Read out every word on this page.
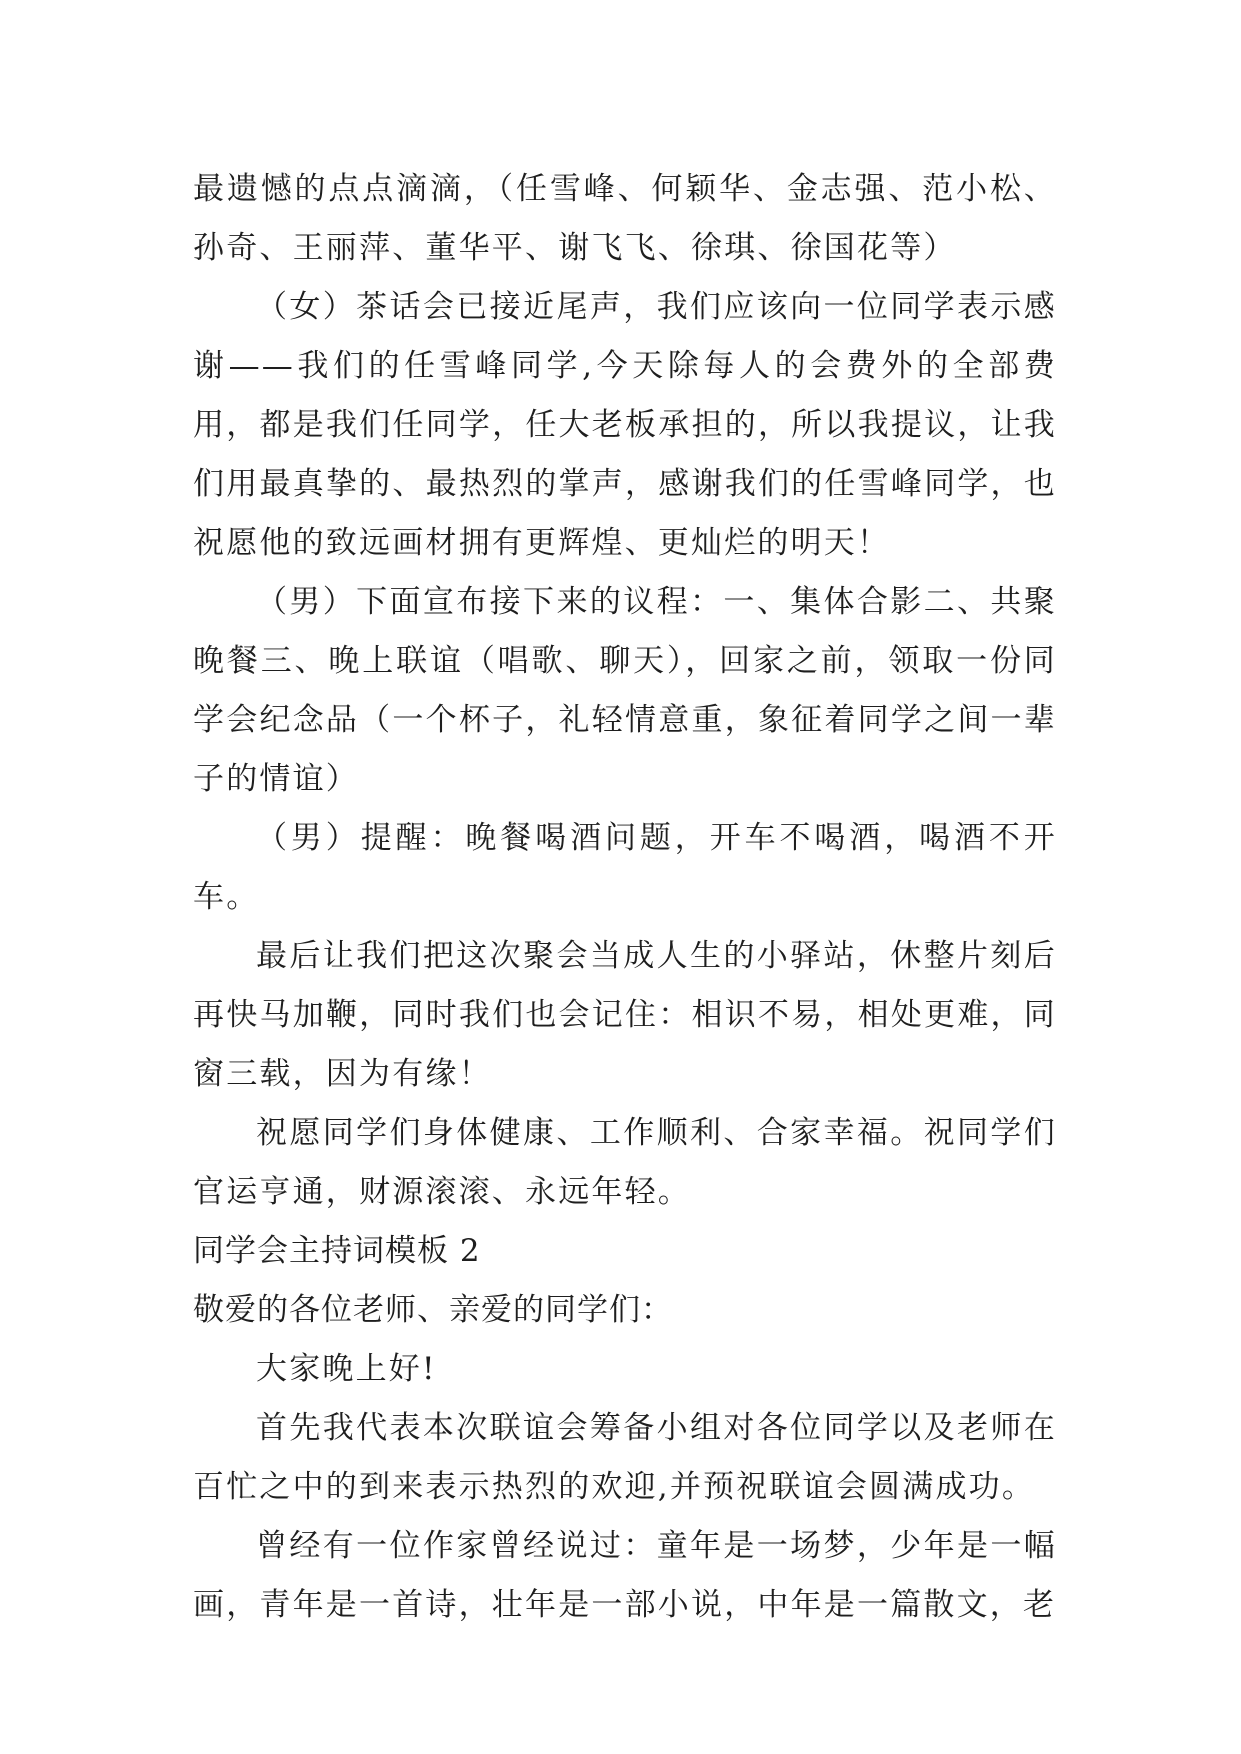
最遗憾的点点滴滴，（任雪峰、何颖华、金志强、范小松、孙奇、王丽萍、董华平、谢飞飞、徐琪、徐国花等）

（女）茶话会已接近尾声，我们应该向一位同学表示感谢——我们的任雪峰同学,今天除每人的会费外的全部费用，都是我们任同学，任大老板承担的，所以我提议，让我们用最真挚的、最热烈的掌声，感谢我们的任雪峰同学，也祝愿他的致远画材拥有更辉煌、更灿烂的明天！

（男）下面宣布接下来的议程：一、集体合影二、共聚晚餐三、晚上联谊（唱歌、聊天），回家之前，领取一份同学会纪念品（一个杯子，礼轻情意重，象征着同学之间一辈子的情谊）

（男）提醒：晚餐喝酒问题，开车不喝酒，喝酒不开车。

最后让我们把这次聚会当成人生的小驿站，休整片刻后再快马加鞭，同时我们也会记住：相识不易，相处更难，同窗三载，因为有缘！

祝愿同学们身体健康、工作顺利、合家幸福。祝同学们官运亨通，财源滚滚、永远年轻。

同学会主持词模板 2

敬爱的各位老师、亲爱的同学们：

大家晚上好!

首先我代表本次联谊会筹备小组对各位同学以及老师在百忙之中的到来表示热烈的欢迎,并预祝联谊会圆满成功。

曾经有一位作家曾经说过：童年是一场梦，少年是一幅画，青年是一首诗，壮年是一部小说，中年是一篇散文，老
